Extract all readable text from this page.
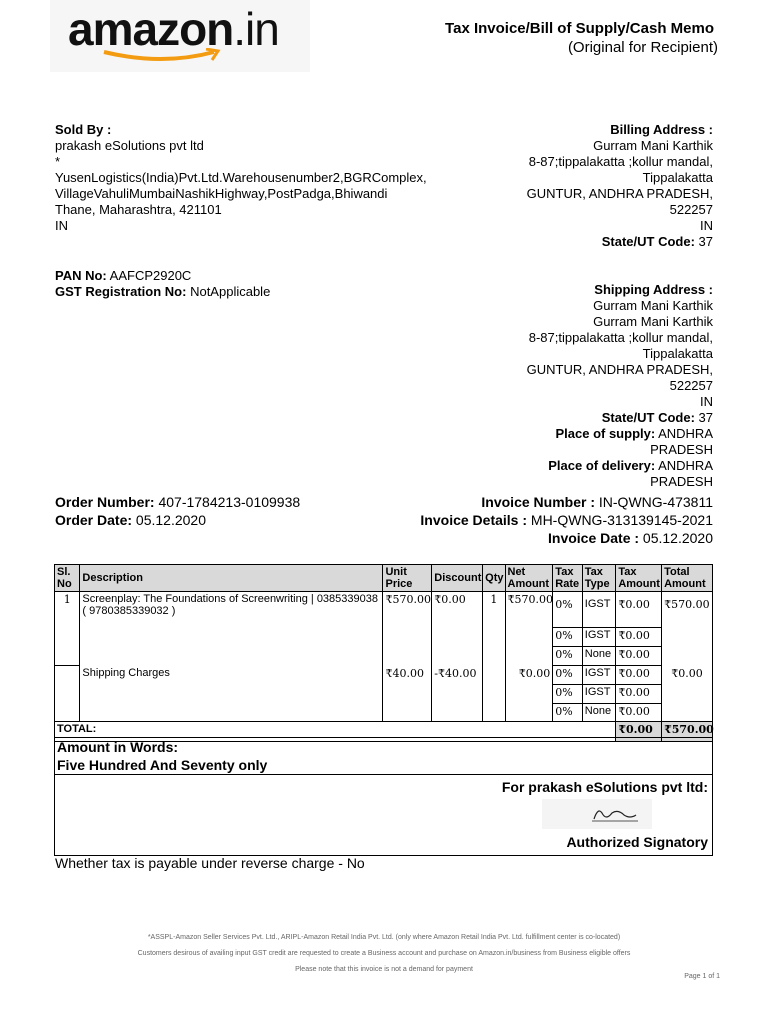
amazon.in	Tax Invoice/Bill of Supply/Cash Memo
(Original for Recipient)
Sold By :
prakash eSolutions pvt ltd
*
YusenLogistics(India)Pvt.Ltd.Warehousenumber2,BGRComplex,
VillageVahuliMumbaiNashikHighway,PostPadga,Bhiwandi
Thane, Maharashtra, 421101
IN
Billing Address :
Gurram Mani Karthik
8-87;tippalakatta ;kollur mandal,
Tippalakatta
GUNTUR, ANDHRA PRADESH,
522257
IN
State/UT Code: 37
PAN No: AAFCP2920C
GST Registration No: NotApplicable	Shipping Address :
Gurram Mani Karthik
Gurram Mani Karthik
8-87;tippalakatta ;kollur mandal,
Tippalakatta
GUNTUR, ANDHRA PRADESH,
522257
IN
State/UT Code: 37
Place of supply: ANDHRA
PRADESH
Place of delivery: ANDHRA
PRADESH
Order Number: 407-1784213-0109938
Order Date: 05.12.2020
Invoice Number : IN-QWNG-473811
Invoice Details : MH-QWNG-313139145-2021
Invoice Date : 05.12.2020
Sl. No	Description	Unit Price	Discount	Qty	Net Amount	Tax Rate	Tax Type	Tax Amount	Total Amount
1	Screenplay: The Foundations of Screenwriting | 0385339038 ( 9780385339032 )	₹570.00	₹0.00	1	₹570.00	0%	IGST	₹0.00	₹570.00
						0%	IGST	₹0.00	
						0%	None	₹0.00	
	Shipping Charges	₹40.00	-₹40.00		₹0.00	0%	IGST	₹0.00	₹0.00
						0%	IGST	₹0.00	
						0%	None	₹0.00	
TOTAL:								₹0.00	₹570.00
Amount in Words:
Five Hundred And Seventy only
For prakash eSolutions pvt ltd:
Authorized Signatory
Whether tax is payable under reverse charge - No
*ASSPL-Amazon Seller Services Pvt. Ltd., ARIPL-Amazon Retail India Pvt. Ltd. (only where Amazon Retail India Pvt. Ltd. fulfillment center is co-located)
Customers desirous of availing input GST credit are requested to create a Business account and purchase on Amazon.in/business from Business eligible offers
Please note that this invoice is not a demand for payment
Page 1 of 1
